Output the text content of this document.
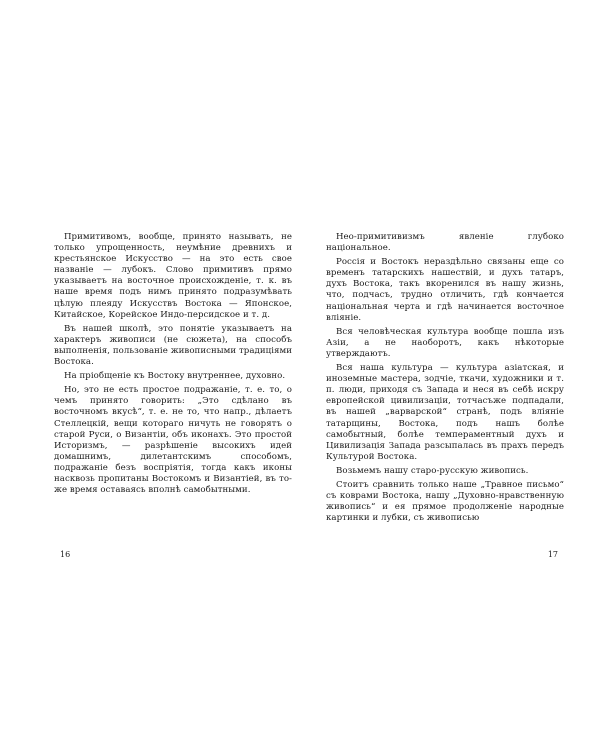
Примитивомъ, вообще, принято называть, не только упрощенность, неумѣние древнихъ и крестьянское Искусство — на это есть свое названіе — лубокъ. Слово примитивъ прямо указываетъ на восточное происхожденіе, т. к. въ наше время подъ нимъ принято подразумѣвать цѣлую плеяду Искусствъ Востока — Японское, Китайское, Корейское Индо-персидское и т. д.

Въ нашей школѣ, это понятіе указываетъ на характеръ живописи (не сюжета), на способъ выполненія, пользованіе живописными традиціями Востока.

На пріобщеніе къ Востоку внутреннее, духовно.

Но, это не есть простое подражаніе, т. е. то, о чемъ принято говорить: „Это сдѣлано въ восточномъ вкусѣ“, т. е. не то, что напр., дѣлаетъ Стеллецкій, вещи котораго ничуть не говорятъ о старой Руси, о Византіи, объ иконахъ. Это простой Историзмъ, — разрѣшеніе высокихъ идей домашнимъ, дилетантскимъ способомъ, подражаніе безъ воспріятія, тогда какъ иконы насквозь пропитаны Востокомъ и Византіей, въ то-же время оставаясь вполнѣ самобытными.

16

Нео-примитивизмъ явленіе глубоко національное.

Россія и Востокъ нераздѣльно связаны еще со временъ татарскихъ нашествій, и духъ татаръ, духъ Востока, такъ вкоренился въ нашу жизнь, что, подчасъ, трудно отличить, гдѣ кончается національная черта и гдѣ начинается восточное вліяніе.

Вся человѣческая культура вообще пошла изъ Азіи, а не наоборотъ, какъ нѣкоторые утверждаютъ.

Вся наша культура — культура азіатская, и иноземные мастера, зодчіе, ткачи, художники и т. п. люди, приходя съ Запада и неся въ себѣ искру европейской цивилизаціи, тотчасъже подпадали, въ нашей „варварской“ странѣ, подъ вліяніе татарщины, Востока, подъ нашъ болѣе самобытный, болѣе темпераментный духъ и Цивилизація Запада разсыпалась въ прахъ передъ Культурой Востока.

Возьмемъ нашу старо-русскую живопись.

Стоитъ сравнить только наше „Травное письмо“ съ коврами Востока, нашу „Духовно-нравственную живопись“ и ея прямое продолженіе народные картинки и лубки, съ живописью

17
